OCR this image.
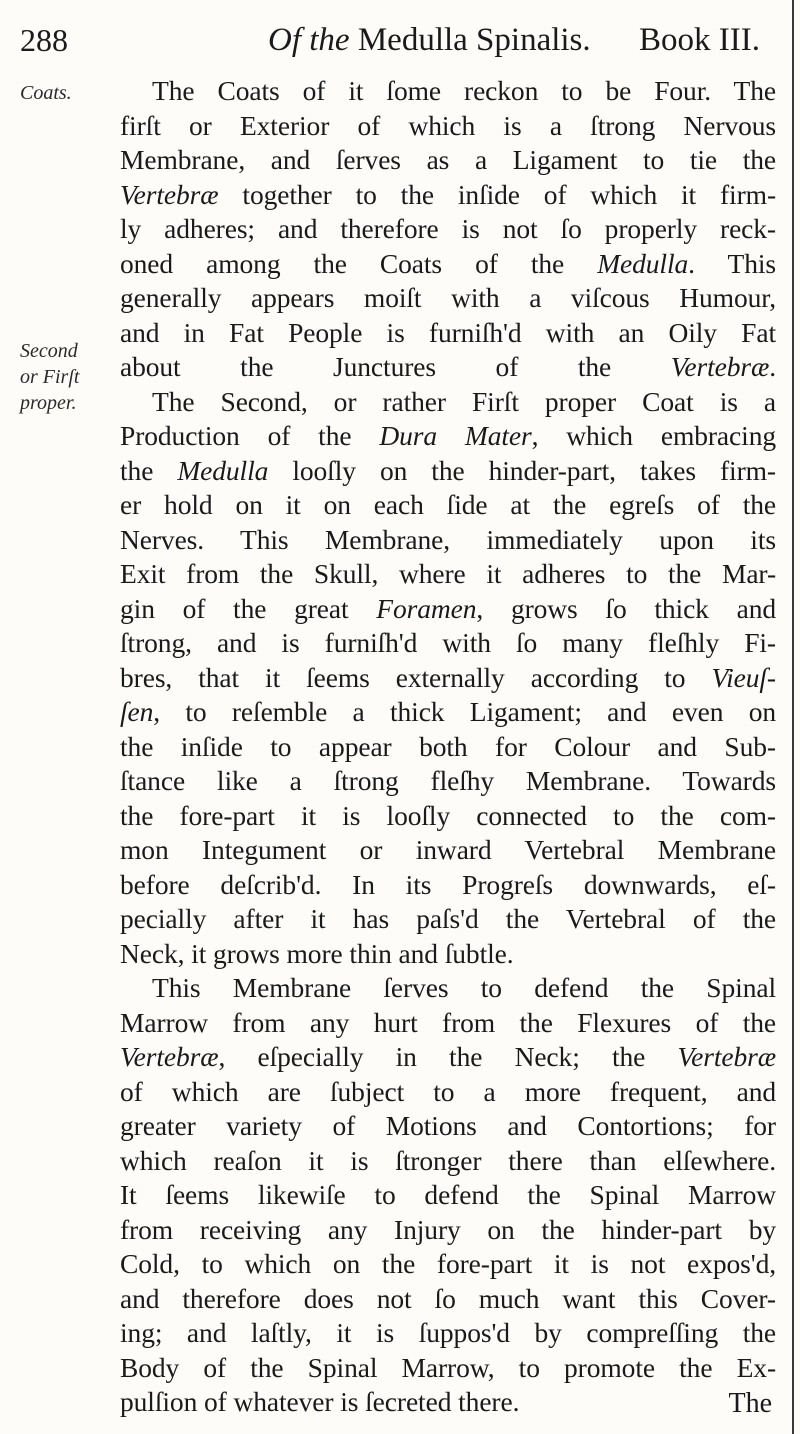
288	Of the Medulla Spinalis. Book III.
Coats.
Second
or Firſt
proper.
The Coats of it ſome reckon to be Four. The
firſt or Exterior of which is a ſtrong Nervous
Membrane, and ſerves as a Ligament to tie the
Vertebræ together to the inſide of which it firm-
ly adheres; and therefore is not ſo properly reck-
oned among the Coats of the Medulla. This
generally appears moiſt with a viſcous Humour,
and in Fat People is furniſh'd with an Oily Fat
about the Junctures of the Vertebræ.
The Second, or rather Firſt proper Coat is a
Production of the Dura Mater, which embracing
the Medulla looſly on the hinder-part, takes firm-
er hold on it on each ſide at the egreſs of the
Nerves. This Membrane, immediately upon its
Exit from the Skull, where it adheres to the Mar-
gin of the great Foramen, grows ſo thick and
ſtrong, and is furniſh'd with ſo many fleſhly Fi-
bres, that it ſeems externally according to Vieuſ-
ſen, to reſemble a thick Ligament; and even on
the inſide to appear both for Colour and Sub-
ſtance like a ſtrong fleſhy Membrane. Towards
the fore-part it is looſly connected to the com-
mon Integument or inward Vertebral Membrane
before deſcrib'd. In its Progreſs downwards, eſ-
pecially after it has paſs'd the Vertebral of the
Neck, it grows more thin and ſubtle.
This Membrane ſerves to defend the Spinal
Marrow from any hurt from the Flexures of the
Vertebræ, eſpecially in the Neck; the Vertebræ
of which are ſubject to a more frequent, and
greater variety of Motions and Contortions; for
which reaſon it is ſtronger there than elſewhere.
It ſeems likewiſe to defend the Spinal Marrow
from receiving any Injury on the hinder-part by
Cold, to which on the fore-part it is not expos'd,
and therefore does not ſo much want this Cover-
ing; and laſtly, it is ſuppos'd by compreſſing the
Body of the Spinal Marrow, to promote the Ex-
pulſion of whatever is ſecreted there.	The
